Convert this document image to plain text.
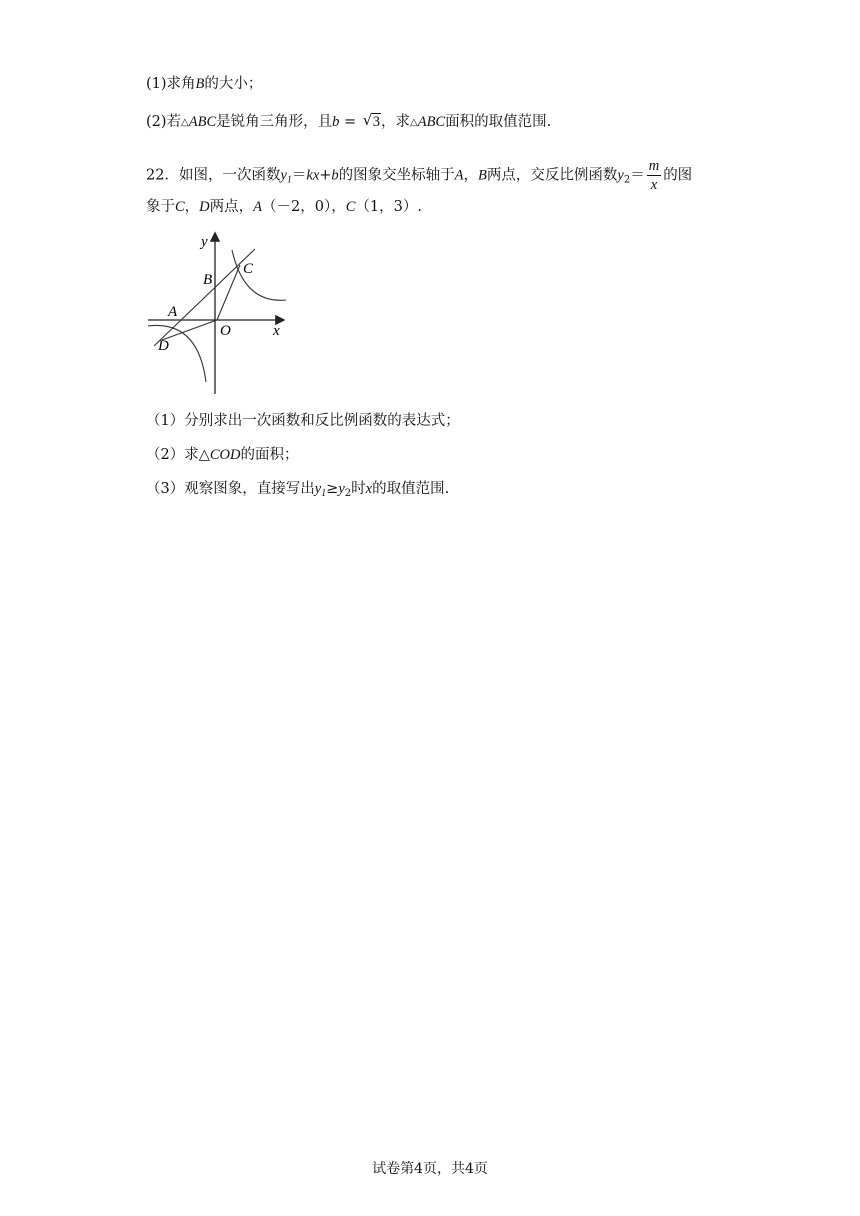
(1)求角B的大小；
(2)若△ABC是锐角三角形，且b = √ 3，求△ABC面积的取值范围.
22．如图，一次函数$y_1=kx+b$的图象交坐标轴于A，B两点，交反比例函数$y_2= \frac{m}{x}$ 的图
象于C，D两点，A（－2，0），C（1，3）.
y
B
C
A
O	x
D
（1）分别求出一次函数和反比例函数的表达式；
（2）求△COD的面积；
（3）观察图象，直接写出$y_1\ge y_2$时x的取值范围.
试卷第4页，共4页
